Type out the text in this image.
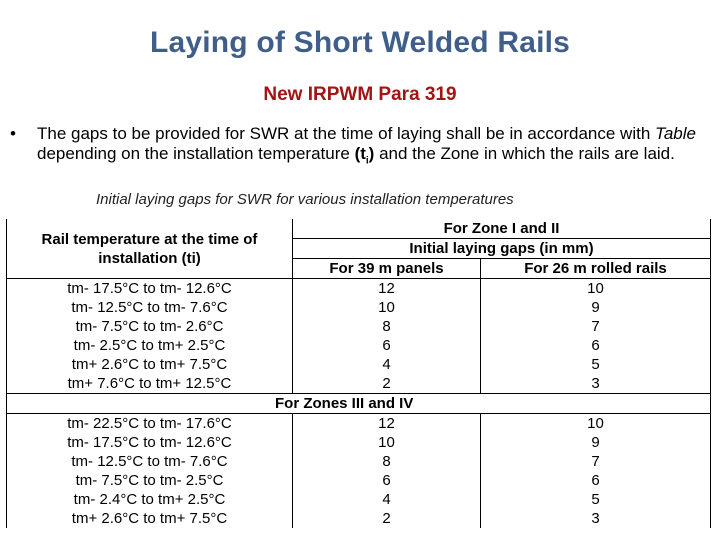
Laying of Short Welded Rails
New IRPWM Para 319
•	The gaps to be provided for SWR at the time of laying shall be in accordance with Table depending on the installation temperature $(t_i)$ and the Zone in which the rails are laid.
Initial laying gaps for SWR for various installation temperatures
Rail temperature at the time of
installation (ti)	For Zone I and II	
	Initial laying gaps (in mm)	
	For 39 m panels	For 26 m rolled rails
tm- 17.5°C to tm- 12.6°C	12	10
tm- 12.5°C to tm- 7.6°C	10	9
tm- 7.5°C to tm- 2.6°C	8	7
tm- 2.5°C to tm+ 2.5°C	6	6
tm+ 2.6°C to tm+ 7.5°C	4	5
tm+ 7.6°C to tm+ 12.5°C	2	3
For Zones III and IV		
tm- 22.5°C to tm- 17.6°C	12	10
tm- 17.5°C to tm- 12.6°C	10	9
tm- 12.5°C to tm- 7.6°C	8	7
tm- 7.5°C to tm- 2.5°C	6	6
tm- 2.4°C to tm+ 2.5°C	4	5
tm+ 2.6°C to tm+ 7.5°C	2	3
